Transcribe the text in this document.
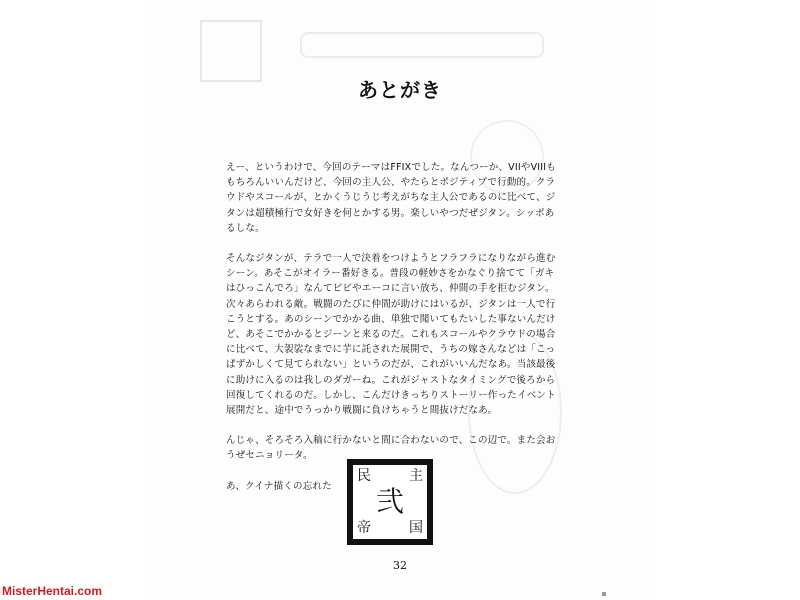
あとがき

えー、というわけで、今回のテーマはFFIXでした。なんつーか、VIIやVIIIももちろんいいんだけど、今回の主人公、やたらとポジティブで行動的。クラウドやスコールが、とかくうじうじ考えがちな主人公であるのに比べて、ジタンは超積極行で女好きを何とかする男。楽しいやつだぜジタン。シッポあるしな。

そんなジタンが、テラで一人で決着をつけようとフラフラになりながら進むシーン。あそこがオイラー番好きる。普段の軽妙さをかなぐり捨てて「ガキはひっこんでろ」なんてビビやエーコに言い放ち、仲間の手を拒むジタン。次々あらわれる敵。戦闘のたびに仲間が助けにはいるが、ジタンは一人で行こうとする。あのシーンでかかる曲、単独で聞いてもたいした事ないんだけど、あそこでかかるとジーンと来るのだ。これもスコールやクラウドの場合に比べて、大袈裟なまでに芋に託された展開で、うちの嫁さんなどは「こっぱずかしくて見てられない」というのだが、これがいいんだなあ。当該最後に助けに入るのは我しのダガーね。これがジャストなタイミングで後ろから回復してくれるのだ。しかし、こんだけきっちりストーリー作ったイベント展開だと、途中でうっかり戦闘に負けちゃうと間抜けだなあ。

んじゃ、そろそろ入稿に行かないと間に合わないので、この辺で。また会おうぜセニョリータ。

あ、クイナ描くの忘れた

民	主
弐
帝	国
32
MisterHentai.com
